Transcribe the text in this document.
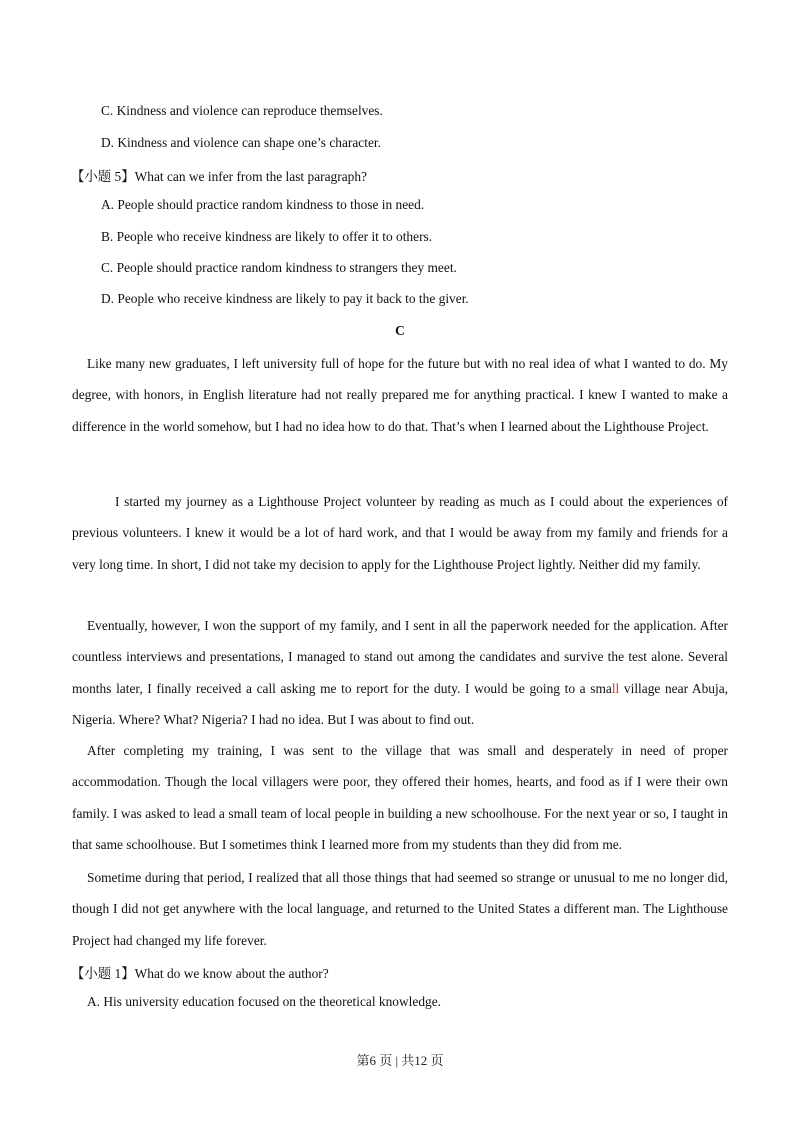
C. Kindness and violence can reproduce themselves.
D. Kindness and violence can shape one’s character.
【小题 5】What can we infer from the last paragraph?
A. People should practice random kindness to those in need.
B. People who receive kindness are likely to offer it to others.
C. People should practice random kindness to strangers they meet.
D. People who receive kindness are likely to pay it back to the giver.
C
Like many new graduates, I left university full of hope for the future but with no real idea of what I wanted to do. My degree, with honors, in English literature had not really prepared me for anything practical. I knew I wanted to make a difference in the world somehow, but I had no idea how to do that. That’s when I learned about the Lighthouse Project.
I started my journey as a Lighthouse Project volunteer by reading as much as I could about the experiences of previous volunteers. I knew it would be a lot of hard work, and that I would be away from my family and friends for a very long time. In short, I did not take my decision to apply for the Lighthouse Project lightly. Neither did my family.
Eventually, however, I won the support of my family, and I sent in all the paperwork needed for the application. After countless interviews and presentations, I managed to stand out among the candidates and survive the test alone. Several months later, I finally received a call asking me to report for the duty. I would be going to a small village near Abuja, Nigeria. Where? What? Nigeria? I had no idea. But I was about to find out.
After completing my training, I was sent to the village that was small and desperately in need of proper accommodation. Though the local villagers were poor, they offered their homes, hearts, and food as if I were their own family. I was asked to lead a small team of local people in building a new schoolhouse. For the next year or so, I taught in that same schoolhouse. But I sometimes think I learned more from my students than they did from me.
Sometime during that period, I realized that all those things that had seemed so strange or unusual to me no longer did, though I did not get anywhere with the local language, and returned to the United States a different man. The Lighthouse Project had changed my life forever.
【小题 1】What do we know about the author?
A. His university education focused on the theoretical knowledge.
第6 页 | 共12 页
